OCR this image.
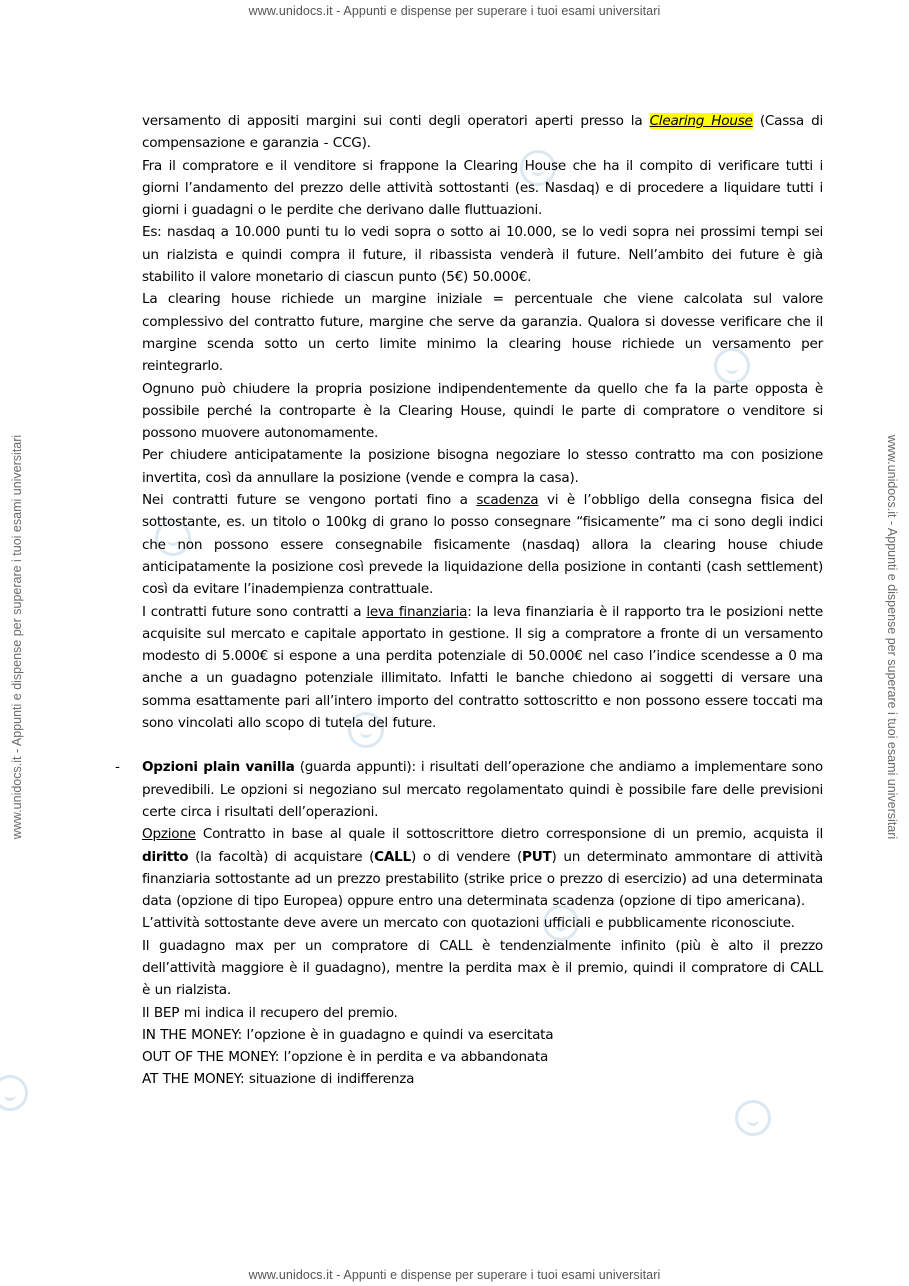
www.unidocs.it - Appunti e dispense per superare i tuoi esami universitari
www.unidocs.it - Appunti e dispense per superare i tuoi esami universitari
www.unidocs.it - Appunti e dispense per superare i tuoi esami universitari	www.unidocs.it - Appunti e dispense per superare i tuoi esami universitari

versamento di appositi margini sui conti degli operatori aperti presso la Clearing House (Cassa di compensazione e garanzia - CCG).

Fra il compratore e il venditore si frappone la Clearing House che ha il compito di verificare tutti i giorni l’andamento del prezzo delle attività sottostanti (es. Nasdaq) e di procedere a liquidare tutti i giorni i guadagni o le perdite che derivano dalle fluttuazioni.

Es: nasdaq a 10.000 punti tu lo vedi sopra o sotto ai 10.000, se lo vedi sopra nei prossimi tempi sei un rialzista e quindi compra il future, il ribassista venderà il future. Nell’ambito dei future è già stabilito il valore monetario di ciascun punto (5€) 50.000€.

La clearing house richiede un margine iniziale = percentuale che viene calcolata sul valore complessivo del contratto future, margine che serve da garanzia. Qualora si dovesse verificare che il margine scenda sotto un certo limite minimo la clearing house richiede un versamento per reintegrarlo.

Ognuno può chiudere la propria posizione indipendentemente da quello che fa la parte opposta è possibile perché la controparte è la Clearing House, quindi le parte di compratore o venditore si possono muovere autonomamente.

Per chiudere anticipatamente la posizione bisogna negoziare lo stesso contratto ma con posizione invertita, così da annullare la posizione (vende e compra la casa).

Nei contratti future se vengono portati fino a scadenza vi è l’obbligo della consegna fisica del sottostante, es. un titolo o 100kg di grano lo posso consegnare “fisicamente” ma ci sono degli indici che non possono essere consegnabile fisicamente (nasdaq) allora la clearing house chiude anticipatamente la posizione così prevede la liquidazione della posizione in contanti (cash settlement) così da evitare l’inadempienza contrattuale.

I contratti future sono contratti a leva finanziaria: la leva finanziaria è il rapporto tra le posizioni nette acquisite sul mercato e capitale apportato in gestione. Il sig a compratore a fronte di un versamento modesto di 5.000€ si espone a una perdita potenziale di 50.000€ nel caso l’indice scendesse a 0 ma anche a un guadagno potenziale illimitato. Infatti le banche chiedono ai soggetti di versare una somma esattamente pari all’intero importo del contratto sottoscritto e non possono essere toccati ma sono vincolati allo scopo di tutela del future.

- Opzioni plain vanilla (guarda appunti): i risultati dell’operazione che andiamo a implementare sono prevedibili. Le opzioni si negoziano sul mercato regolamentato quindi è possibile fare delle previsioni certe circa i risultati dell’operazioni.

Opzione Contratto in base al quale il sottoscrittore dietro corresponsione di un premio, acquista il diritto (la facoltà) di acquistare (CALL) o di vendere (PUT) un determinato ammontare di attività finanziaria sottostante ad un prezzo prestabilito (strike price o prezzo di esercizio) ad una determinata data (opzione di tipo Europea) oppure entro una determinata scadenza (opzione di tipo americana).

L’attività sottostante deve avere un mercato con quotazioni ufficiali e pubblicamente riconosciute.

Il guadagno max per un compratore di CALL è tendenzialmente infinito (più è alto il prezzo dell’attività maggiore è il guadagno), mentre la perdita max è il premio, quindi il compratore di CALL è un rialzista.

Il BEP mi indica il recupero del premio.

IN THE MONEY: l’opzione è in guadagno e quindi va esercitata

OUT OF THE MONEY: l’opzione è in perdita e va abbandonata

AT THE MONEY: situazione di indifferenza
